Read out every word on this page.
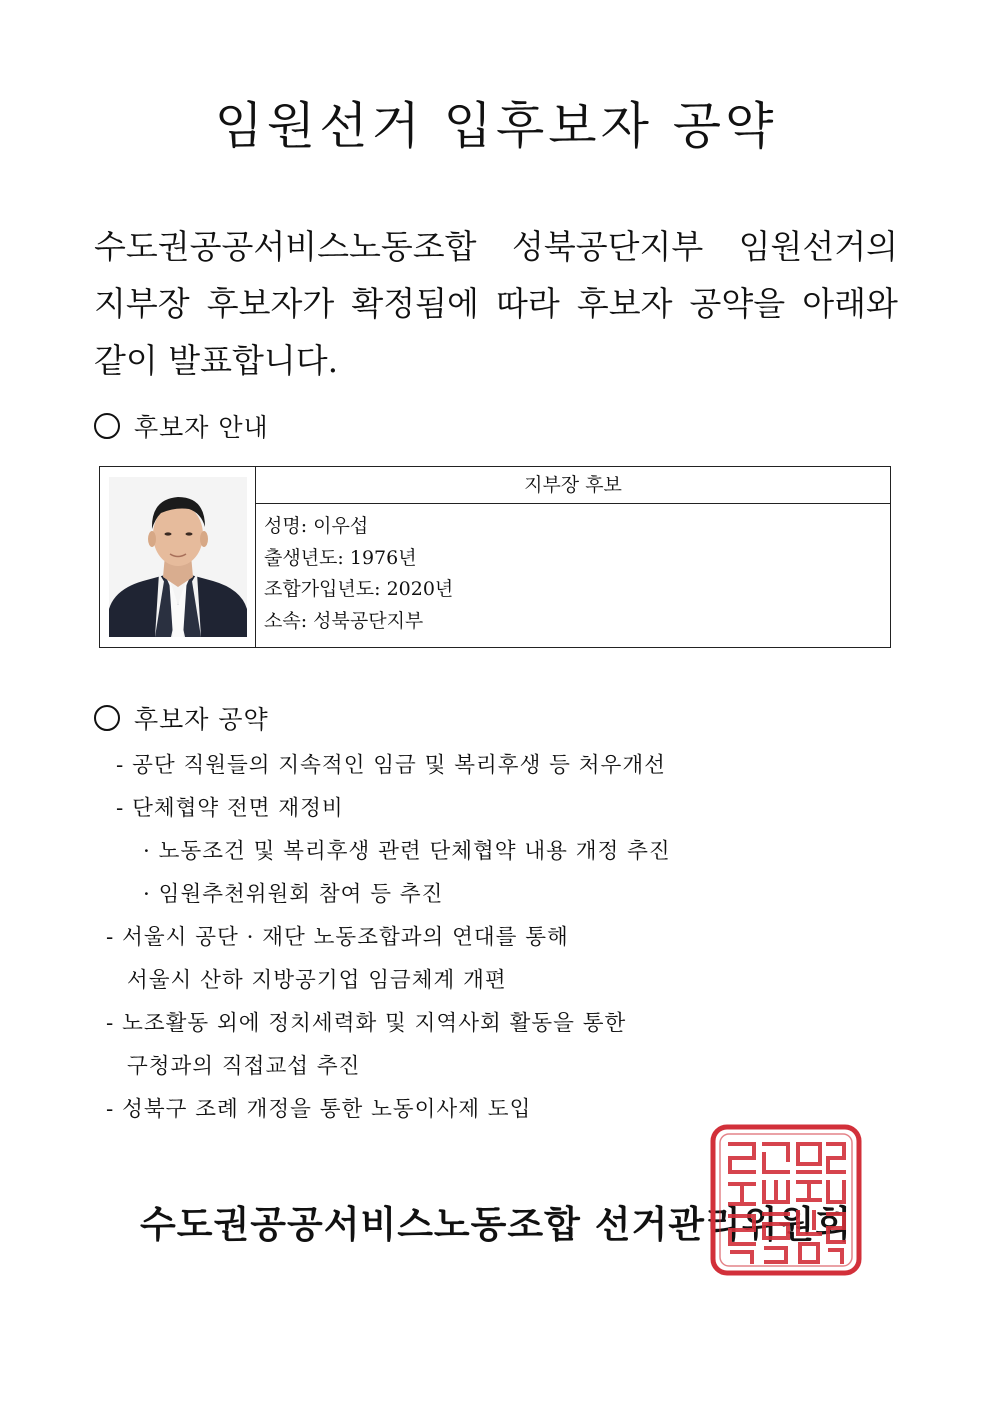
임원선거 입후보자 공약
수도권공공서비스노동조합 성북공단지부 임원선거의
지부장 후보자가 확정됨에 따라 후보자 공약을 아래와
같이 발표합니다.
후보자 안내
지부장 후보
성명: 이우섭
출생년도: 1976년
조합가입년도: 2020년
소속: 성북공단지부
후보자 공약
- 공단 직원들의 지속적인 임금 및 복리후생 등 처우개선
- 단체협약 전면 재정비
· 노동조건 및 복리후생 관련 단체협약 내용 개정 추진
· 임원추천위원회 참여 등 추진
- 서울시 공단 · 재단 노동조합과의 연대를 통해
서울시 산하 지방공기업 임금체계 개편
- 노조활동 외에 정치세력화 및 지역사회 활동을 통한
구청과의 직접교섭 추진
- 성북구 조례 개정을 통한 노동이사제 도입
수도권공공서비스노동조합 선거관리위원회
